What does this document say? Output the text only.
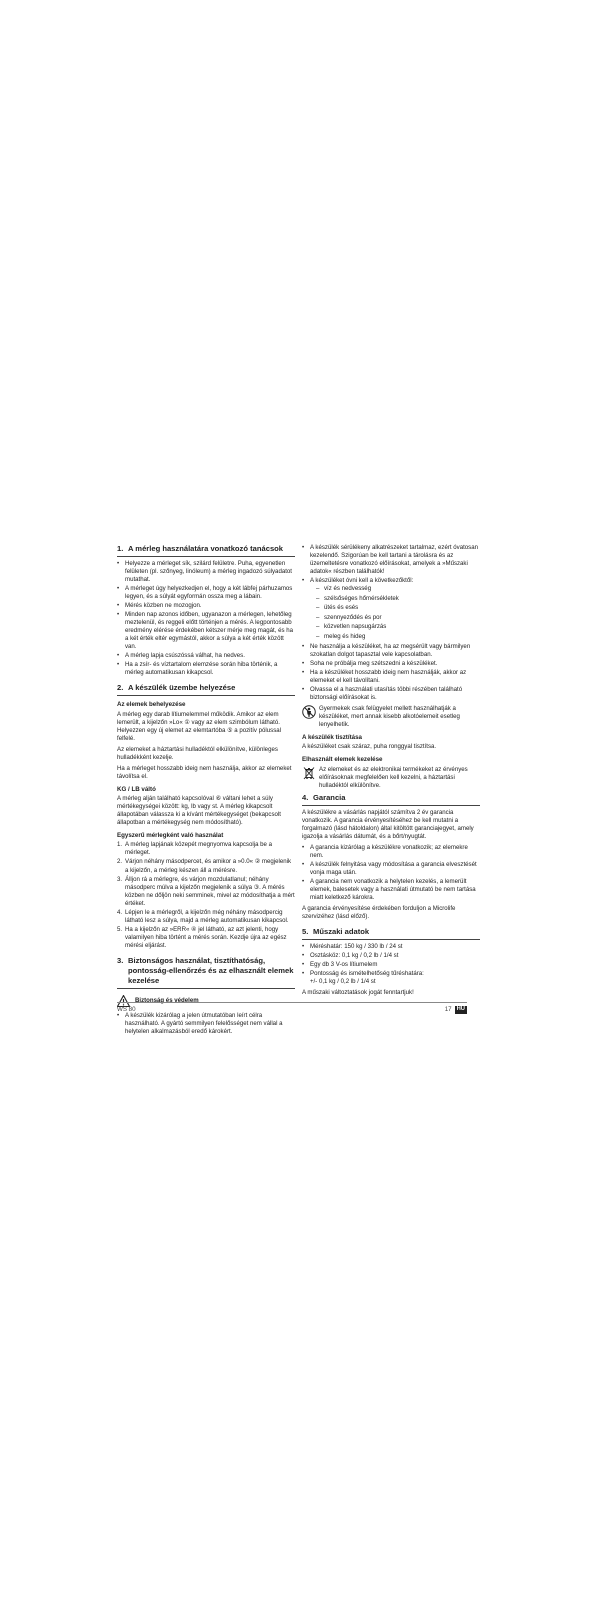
1. A mérleg használatára vonatkozó tanácsok
• Helyezze a mérleget sík, szilárd felületre. Puha, egyenetlen felületen (pl. szőnyeg, linóleum) a mérleg ingadozó súlyadatot mutathat.
• A mérleget úgy helyezkedjen el, hogy a két lábfej párhuzamos legyen, és a súlyát egyformán ossza meg a lábain.
• Mérés közben ne mozogjon.
• Minden nap azonos időben, ugyanazon a mérlegen, lehetőleg meztelenül, és reggeli előtt történjen a mérés. A legpontosabb eredmény elérése érdekében kétszer mérje meg magát, és ha a két érték eltér egymástól, akkor a súlya a két érték között van.
• A mérleg lapja csúszóssá válhat, ha nedves.
• Ha a zsír- és víztartalom elemzése során hiba történik, a mérleg automatikusan kikapcsol.
2. A készülék üzembe helyezése
Az elemek behelyezése

A mérleg egy darab lítiumelemmel működik. Amikor az elem lemerült, a kijelzőn »Lo« ① vagy az elem szimbólum látható. Helyezzen egy új elemet az elemtartóba ⑤ a pozitív pólussal felfelé.

Az elemeket a háztartási hulladéktól elkülönítve, különleges hulladékként kezelje.

Ha a mérleget hosszabb ideig nem használja, akkor az elemeket távolítsa el.

KG / LB váltó

A mérleg alján található kapcsolóval ⑥ váltani lehet a súly mértékegységei között: kg, lb vagy st. A mérleg kikapcsolt állapotában válassza ki a kívánt mértékegységet (bekapcsolt állapotban a mértékegység nem módosítható).

Egyszerű mérlegként való használat
1. A mérleg lapjának közepét megnyomva kapcsolja be a mérleget.
2. Várjon néhány másodpercet, és amikor a »0.0« ② megjelenik a kijelzőn, a mérleg készen áll a mérésre.
3. Álljon rá a mérlegre, és várjon mozdulatlanul; néhány másodperc múlva a kijelzőn megjelenik a súlya ③. A mérés közben ne dőljön neki semminek, mivel az módosíthatja a mért értéket.
4. Lépjen le a mérlegről, a kijelzőn még néhány másodpercig látható lesz a súlya, majd a mérleg automatikusan kikapcsol.
5. Ha a kijelzőn az »ERR« ④ jel látható, az azt jelenti, hogy valamilyen hiba történt a mérés során. Kezdje újra az egész mérési eljárást.
3. Biztonságos használat, tisztíthatóság, pontosság-ellenőrzés és az elhasznált elemek kezelése
Biztonság és védelem
• A készülék kizárólag a jelen útmutatóban leírt célra használható. A gyártó semmilyen felelősséget nem vállal a helytelen alkalmazásból eredő károkért.
• A készülék sérülékeny alkatrészeket tartalmaz, ezért óvatosan kezelendő. Szigorúan be kell tartani a tárolásra és az üzemeltetésre vonatkozó előírásokat, amelyek a »Műszaki adatok« részben találhatók!
• A készüléket óvni kell a következőktől:
– víz és nedvesség
– szélsőséges hőmérsékletek
– ütés és esés
– szennyeződés és por
– közvetlen napsugárzás
– meleg és hideg
• Ne használja a készüléket, ha az megsérült vagy bármilyen szokatlan dolgot tapasztal vele kapcsolatban.
• Soha ne próbálja meg szétszedni a készüléket.
• Ha a készüléket hosszabb ideig nem használják, akkor az elemeket el kell távolítani.
• Olvassa el a használati utasítás többi részében található biztonsági előírásokat is.
Gyermekek csak felügyelet mellett használhatják a készüléket, mert annak kisebb alkotóelemeit esetleg lenyelhetik.
A készülék tisztítása

A készüléket csak száraz, puha ronggyal tisztítsa.

Elhasznált elemek kezelése
Az elemeket és az elektronikai termékeket az érvényes előírásoknak megfelelően kell kezelni, a háztartási hulladéktól elkülönítve.
4. Garancia

A készülékre a vásárlás napjától számítva 2 év garancia vonatkozik. A garancia érvényesítéséhez be kell mutatni a forgalmazó (lásd hátoldalon) által kitöltött garanciajegyet, amely igazolja a vásárlás dátumát, és a bőrt/nyugtát.

• A garancia kizárólag a készülékre vonatkozik; az elemekre nem.
• A készülék felnyitása vagy módosítása a garancia elvesztését vonja maga után.
• A garancia nem vonatkozik a helytelen kezelés, a lemerült elemek, balesetek vagy a használati útmutató be nem tartása miatt keletkező károkra.

A garancia érvényesítése érdekében forduljon a Microlife szervizéhez (lásd előző).

5. Műszaki adatok
• Méréshatár: 150 kg / 330 lb / 24 st
• Osztásköz: 0,1 kg / 0,2 lb / 1/4 st
• Egy db 3 V-os lítiumelem
• Pontosság és ismételhetőség tűréshatára:
+/- 0,1 kg / 0,2 lb / 1/4 st

A műszaki változtatások jogát fenntartjuk!

WS 80	17 HU
